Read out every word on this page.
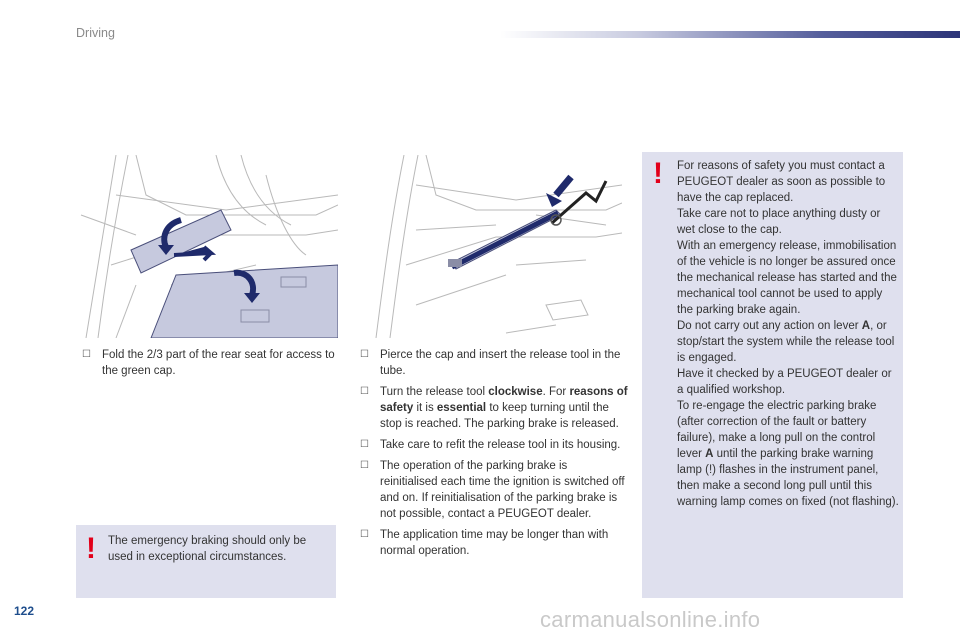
Driving
☐ Fold the 2/3 part of the rear seat for access to the green cap.
☐ Pierce the cap and insert the release tool in the tube.
☐ Turn the release tool clockwise. For reasons of safety it is essential to keep turning until the stop is reached. The parking brake is released.
☐ Take care to refit the release tool in its housing.
☐ The operation of the parking brake is reinitialised each time the ignition is switched off and on. If reinitialisation of the parking brake is not possible, contact a PEUGEOT dealer.
☐ The application time may be longer than with normal operation.
! The emergency braking should only be used in exceptional circumstances.

! For reasons of safety you must contact a PEUGEOT dealer as soon as possible to have the cap replaced.
Take care not to place anything dusty or wet close to the cap.
With an emergency release, immobilisation of the vehicle is no longer be assured once the mechanical release has started and the mechanical tool cannot be used to apply the parking brake again.
Do not carry out any action on lever A, or stop/start the system while the release tool is engaged.
Have it checked by a PEUGEOT dealer or a qualified workshop.
To re-engage the electric parking brake (after correction of the fault or battery failure), make a long pull on the control lever A until the parking brake warning lamp (!) flashes in the instrument panel, then make a second long pull until this warning lamp comes on fixed (not flashing).

122	carmanualsonline.info
